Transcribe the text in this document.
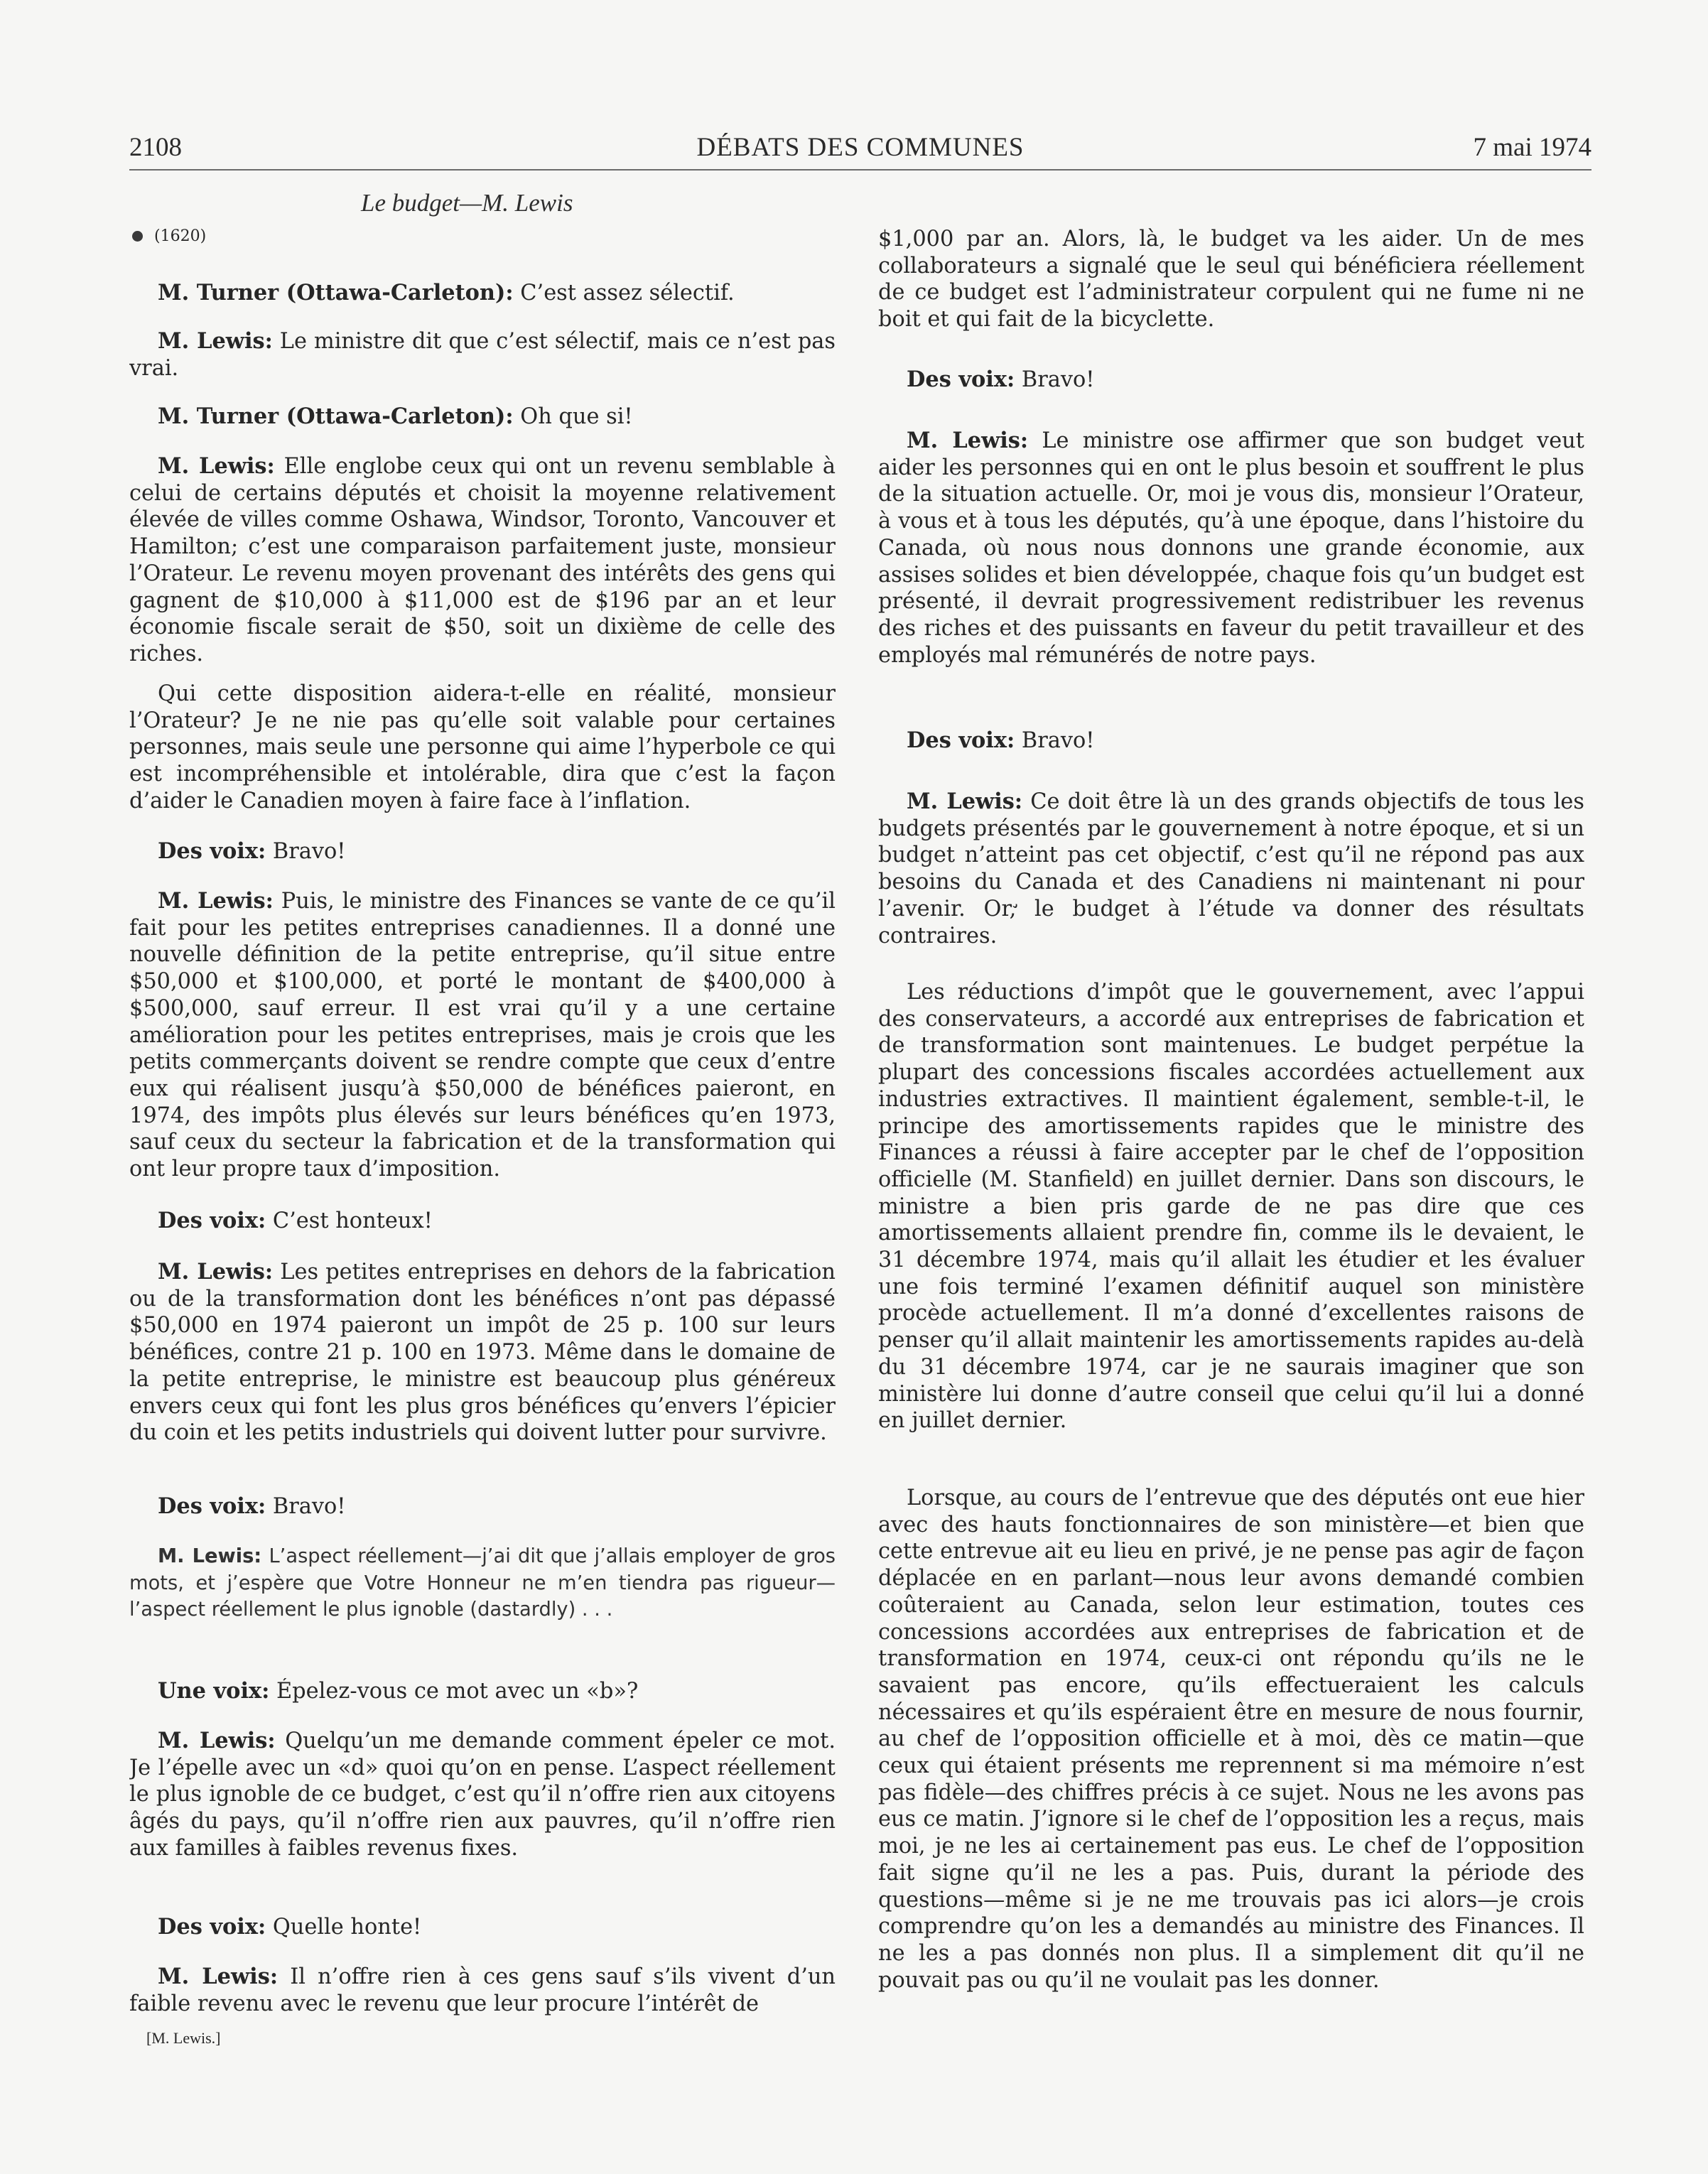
2108	DÉBATS DES COMMUNES	7 mai 1974
Le budget—M. Lewis
(1620)

M. Turner (Ottawa-Carleton): C’est assez sélectif.

M. Lewis: Le ministre dit que c’est sélectif, mais ce n’est pas vrai.

M. Turner (Ottawa-Carleton): Oh que si!

M. Lewis: Elle englobe ceux qui ont un revenu semblable à celui de certains députés et choisit la moyenne relativement élevée de villes comme Oshawa, Windsor, Toronto, Vancouver et Hamilton; c’est une comparaison parfaitement juste, monsieur l’Orateur. Le revenu moyen provenant des intérêts des gens qui gagnent de $10,000 à $11,000 est de $196 par an et leur économie fiscale serait de $50, soit un dixième de celle des riches.

Qui cette disposition aidera-t-elle en réalité, monsieur l’Orateur? Je ne nie pas qu’elle soit valable pour certaines personnes, mais seule une personne qui aime l’hyperbole ce qui est incompréhensible et intolérable, dira que c’est la façon d’aider le Canadien moyen à faire face à l’inflation.

Des voix: Bravo!

M. Lewis: Puis, le ministre des Finances se vante de ce qu’il fait pour les petites entreprises canadiennes. Il a donné une nouvelle définition de la petite entreprise, qu’il situe entre $50,000 et $100,000, et porté le montant de $400,000 à $500,000, sauf erreur. Il est vrai qu’il y a une certaine amélioration pour les petites entreprises, mais je crois que les petits commerçants doivent se rendre compte que ceux d’entre eux qui réalisent jusqu’à $50,000 de bénéfices paieront, en 1974, des impôts plus élevés sur leurs bénéfices qu’en 1973, sauf ceux du secteur la fabrication et de la transformation qui ont leur propre taux d’imposition.

Des voix: C’est honteux!

M. Lewis: Les petites entreprises en dehors de la fabrication ou de la transformation dont les bénéfices n’ont pas dépassé $50,000 en 1974 paieront un impôt de 25 p. 100 sur leurs bénéfices, contre 21 p. 100 en 1973. Même dans le domaine de la petite entreprise, le ministre est beaucoup plus généreux envers ceux qui font les plus gros bénéfices qu’envers l’épicier du coin et les petits industriels qui doivent lutter pour survivre.

Des voix: Bravo!

M. Lewis: L’aspect réellement—j’ai dit que j’allais employer de gros mots, et j’espère que Votre Honneur ne m’en tiendra pas rigueur—l’aspect réellement le plus ignoble (dastardly) . . .

Une voix: Épelez-vous ce mot avec un «b»?

M. Lewis: Quelqu’un me demande comment épeler ce mot. Je l’épelle avec un «d» quoi qu’on en pense. L’aspect réellement le plus ignoble de ce budget, c’est qu’il n’offre rien aux citoyens âgés du pays, qu’il n’offre rien aux pauvres, qu’il n’offre rien aux familles à faibles revenus fixes.

Des voix: Quelle honte!

M. Lewis: Il n’offre rien à ces gens sauf s’ils vivent d’un faible revenu avec le revenu que leur procure l’intérêt de

[M. Lewis.]

$1,000 par an. Alors, là, le budget va les aider. Un de mes collaborateurs a signalé que le seul qui bénéficiera réellement de ce budget est l’administrateur corpulent qui ne fume ni ne boit et qui fait de la bicyclette.

Des voix: Bravo!

M. Lewis: Le ministre ose affirmer que son budget veut aider les personnes qui en ont le plus besoin et souffrent le plus de la situation actuelle. Or, moi je vous dis, monsieur l’Orateur, à vous et à tous les députés, qu’à une époque, dans l’histoire du Canada, où nous nous donnons une grande économie, aux assises solides et bien développée, chaque fois qu’un budget est présenté, il devrait progressivement redistribuer les revenus des riches et des puissants en faveur du petit travailleur et des employés mal rémunérés de notre pays.

Des voix: Bravo!

M. Lewis: Ce doit être là un des grands objectifs de tous les budgets présentés par le gouvernement à notre époque, et si un budget n’atteint pas cet objectif, c’est qu’il ne répond pas aux besoins du Canada et des Canadiens ni maintenant ni pour l’avenir. Or,̛ le budget à l’étude va donner des résultats contraires.

Les réductions d’impôt que le gouvernement, avec l’appui des conservateurs, a accordé aux entreprises de fabrication et de transformation sont maintenues. Le budget perpétue la plupart des concessions fiscales accordées actuellement aux industries extractives. Il maintient également, semble-t-il, le principe des amortissements rapides que le ministre des Finances a réussi à faire accepter par le chef de l’opposition officielle (M. Stanfield) en juillet dernier. Dans son discours, le ministre a bien pris garde de ne pas dire que ces amortissements allaient prendre fin, comme ils le devaient, le 31 décembre 1974, mais qu’il allait les étudier et les évaluer une fois terminé l’examen définitif auquel son ministère procède actuellement. Il m’a donné d’excellentes raisons de penser qu’il allait maintenir les amortissements rapides au-delà du 31 décembre 1974, car je ne saurais imaginer que son ministère lui donne d’autre conseil que celui qu’il lui a donné en juillet dernier.

Lorsque, au cours de l’entrevue que des députés ont eue hier avec des hauts fonctionnaires de son ministère—et bien que cette entrevue ait eu lieu en privé, je ne pense pas agir de façon déplacée en en parlant—nous leur avons demandé combien coûteraient au Canada, selon leur estimation, toutes ces concessions accordées aux entreprises de fabrication et de transformation en 1974, ceux-ci ont répondu qu’ils ne le savaient pas encore, qu’ils effectueraient les calculs nécessaires et qu’ils espéraient être en mesure de nous fournir, au chef de l’opposition officielle et à moi, dès ce matin—que ceux qui étaient présents me reprennent si ma mémoire n’est pas fidèle—des chiffres précis à ce sujet. Nous ne les avons pas eus ce matin. J’ignore si le chef de l’opposition les a reçus, mais moi, je ne les ai certainement pas eus. Le chef de l’opposition fait signe qu’il ne les a pas. Puis, durant la période des questions—même si je ne me trouvais pas ici alors—je crois comprendre qu’on les a demandés au ministre des Finances. Il ne les a pas donnés non plus. Il a simplement dit qu’il ne pouvait pas ou qu’il ne voulait pas les donner.
